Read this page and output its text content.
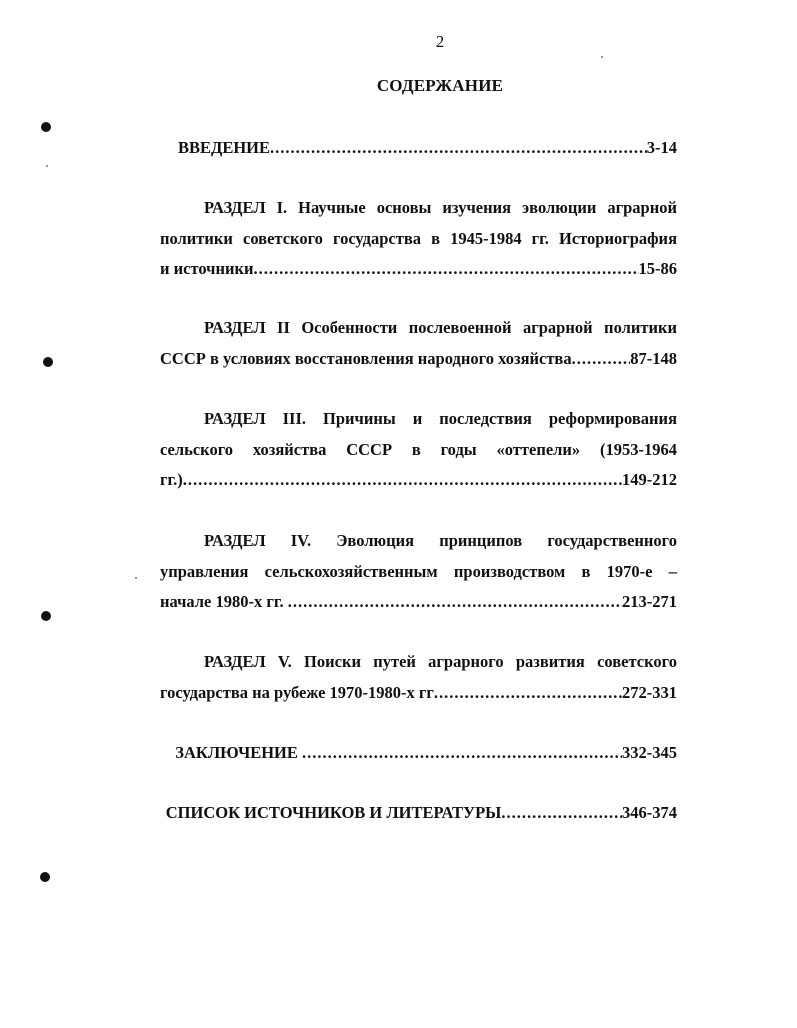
2
СОДЕРЖАНИЕ
ВВЕДЕНИЕ .....	3-14
РАЗДЕЛ I. Научные основы изучения эволюции аграрной
политики советского государства в 1945-1984 гг. Историография
и источники .....	15-86
РАЗДЕЛ II Особенности послевоенной аграрной политики
СССР в условиях восстановления народного хозяйства .....	87-148
РАЗДЕЛ III. Причины и последствия реформирования
сельского хозяйства СССР в годы «оттепели» (1953-1964
гг.) .....	149-212
РАЗДЕЛ IV. Эволюция принципов государственного
управления сельскохозяйственным производством в 1970-е –
начале 1980-х гг. .....	213-271
РАЗДЕЛ V. Поиски путей аграрного развития советского
государства на рубеже 1970-1980-х гг .....	272-331
ЗАКЛЮЧЕНИЕ .....	332-345
СПИСОК ИСТОЧНИКОВ И ЛИТЕРАТУРЫ .....	346-374
